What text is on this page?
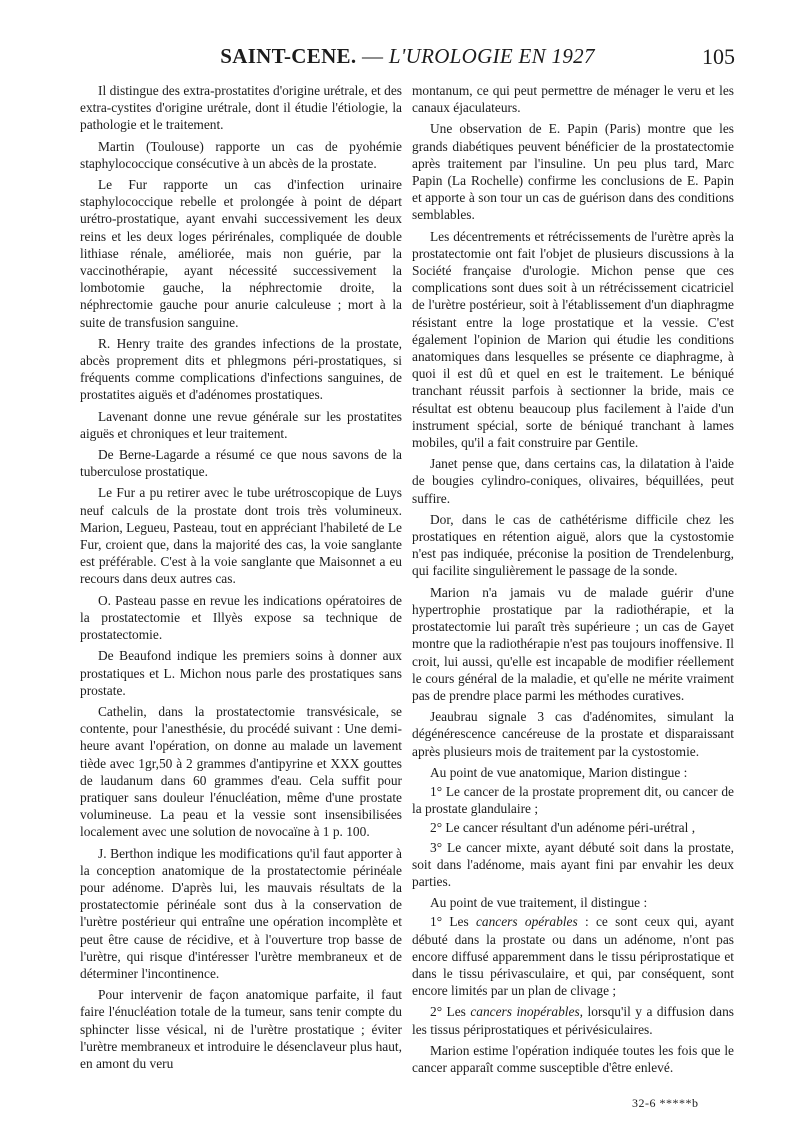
SAINT-CENE. — L'UROLOGIE EN 1927	105

Il distingue des extra-prostatites d'origine urétrale, et des extra-cystites d'origine urétrale, dont il étudie l'étiologie, la pathologie et le traitement.

Martin (Toulouse) rapporte un cas de pyohémie staphylococcique consécutive à un abcès de la prostate.

Le Fur rapporte un cas d'infection urinaire staphylococcique rebelle et prolongée à point de départ urétro-prostatique, ayant envahi successivement les deux reins et les deux loges périrénales, compliquée de double lithiase rénale, améliorée, mais non guérie, par la vaccinothérapie, ayant nécessité successivement la lombotomie gauche, la néphrectomie droite, la néphrectomie gauche pour anurie calculeuse ; mort à la suite de transfusion sanguine.

R. Henry traite des grandes infections de la prostate, abcès proprement dits et phlegmons péri-prostatiques, si fréquents comme complications d'infections sanguines, de prostatites aiguës et d'adénomes prostatiques.

Lavenant donne une revue générale sur les prostatites aiguës et chroniques et leur traitement.

De Berne-Lagarde a résumé ce que nous savons de la tuberculose prostatique.

Le Fur a pu retirer avec le tube urétroscopique de Luys neuf calculs de la prostate dont trois très volumineux. Marion, Legueu, Pasteau, tout en appréciant l'habileté de Le Fur, croient que, dans la majorité des cas, la voie sanglante est préférable. C'est à la voie sanglante que Maisonnet a eu recours dans deux autres cas.

O. Pasteau passe en revue les indications opératoires de la prostatectomie et Illyès expose sa technique de prostatectomie.

De Beaufond indique les premiers soins à donner aux prostatiques et L. Michon nous parle des prostatiques sans prostate.

Cathelin, dans la prostatectomie transvésicale, se contente, pour l'anesthésie, du procédé suivant : Une demi-heure avant l'opération, on donne au malade un lavement tiède avec 1gr,50 à 2 grammes d'antipyrine et XXX gouttes de laudanum dans 60 grammes d'eau. Cela suffit pour pratiquer sans douleur l'énucléation, même d'une prostate volumineuse. La peau et la vessie sont insensibilisées localement avec une solution de novocaïne à 1 p. 100.

J. Berthon indique les modifications qu'il faut apporter à la conception anatomique de la prostatectomie périnéale pour adénome. D'après lui, les mauvais résultats de la prostatectomie périnéale sont dus à la conservation de l'urètre postérieur qui entraîne une opération incomplète et peut être cause de récidive, et à l'ouverture trop basse de l'urètre, qui risque d'intéresser l'urètre membraneux et de déterminer l'incontinence.

Pour intervenir de façon anatomique parfaite, il faut faire l'énucléation totale de la tumeur, sans tenir compte du sphincter lisse vésical, ni de l'urètre prostatique ; éviter l'urètre membraneux et introduire le désenclaveur plus haut, en amont du veru

montanum, ce qui peut permettre de ménager le veru et les canaux éjaculateurs.

Une observation de E. Papin (Paris) montre que les grands diabétiques peuvent bénéficier de la prostatectomie après traitement par l'insuline. Un peu plus tard, Marc Papin (La Rochelle) confirme les conclusions de E. Papin et apporte à son tour un cas de guérison dans des conditions semblables.

Les décentrements et rétrécissements de l'urètre après la prostatectomie ont fait l'objet de plusieurs discussions à la Société française d'urologie. Michon pense que ces complications sont dues soit à un rétrécissement cicatriciel de l'urètre postérieur, soit à l'établissement d'un diaphragme résistant entre la loge prostatique et la vessie. C'est également l'opinion de Marion qui étudie les conditions anatomiques dans lesquelles se présente ce diaphragme, à quoi il est dû et quel en est le traitement. Le béniqué tranchant réussit parfois à sectionner la bride, mais ce résultat est obtenu beaucoup plus facilement à l'aide d'un instrument spécial, sorte de béniqué tranchant à lames mobiles, qu'il a fait construire par Gentile.

Janet pense que, dans certains cas, la dilatation à l'aide de bougies cylindro-coniques, olivaires, béquillées, peut suffire.

Dor, dans le cas de cathétérisme difficile chez les prostatiques en rétention aiguë, alors que la cystostomie n'est pas indiquée, préconise la position de Trendelenburg, qui facilite singulièrement le passage de la sonde.

Marion n'a jamais vu de malade guérir d'une hypertrophie prostatique par la radiothérapie, et la prostatectomie lui paraît très supérieure ; un cas de Gayet montre que la radiothérapie n'est pas toujours inoffensive. Il croit, lui aussi, qu'elle est incapable de modifier réellement le cours général de la maladie, et qu'elle ne mérite vraiment pas de prendre place parmi les méthodes curatives.

Jeaubrau signale 3 cas d'adénomites, simulant la dégénérescence cancéreuse de la prostate et disparaissant après plusieurs mois de traitement par la cystostomie.

Au point de vue anatomique, Marion distingue :

1° Le cancer de la prostate proprement dit, ou cancer de la prostate glandulaire ;

2° Le cancer résultant d'un adénome péri-urétral ,

3° Le cancer mixte, ayant débuté soit dans la prostate, soit dans l'adénome, mais ayant fini par envahir les deux parties.

Au point de vue traitement, il distingue :

1° Les cancers opérables : ce sont ceux qui, ayant débuté dans la prostate ou dans un adénome, n'ont pas encore diffusé apparemment dans le tissu périprostatique et dans le tissu périvasculaire, et qui, par conséquent, sont encore limités par un plan de clivage ;

2° Les cancers inopérables, lorsqu'il y a diffusion dans les tissus périprostatiques et périvésiculaires.

Marion estime l'opération indiquée toutes les fois que le cancer apparaît comme susceptible d'être enlevé.

32-6 *****b
